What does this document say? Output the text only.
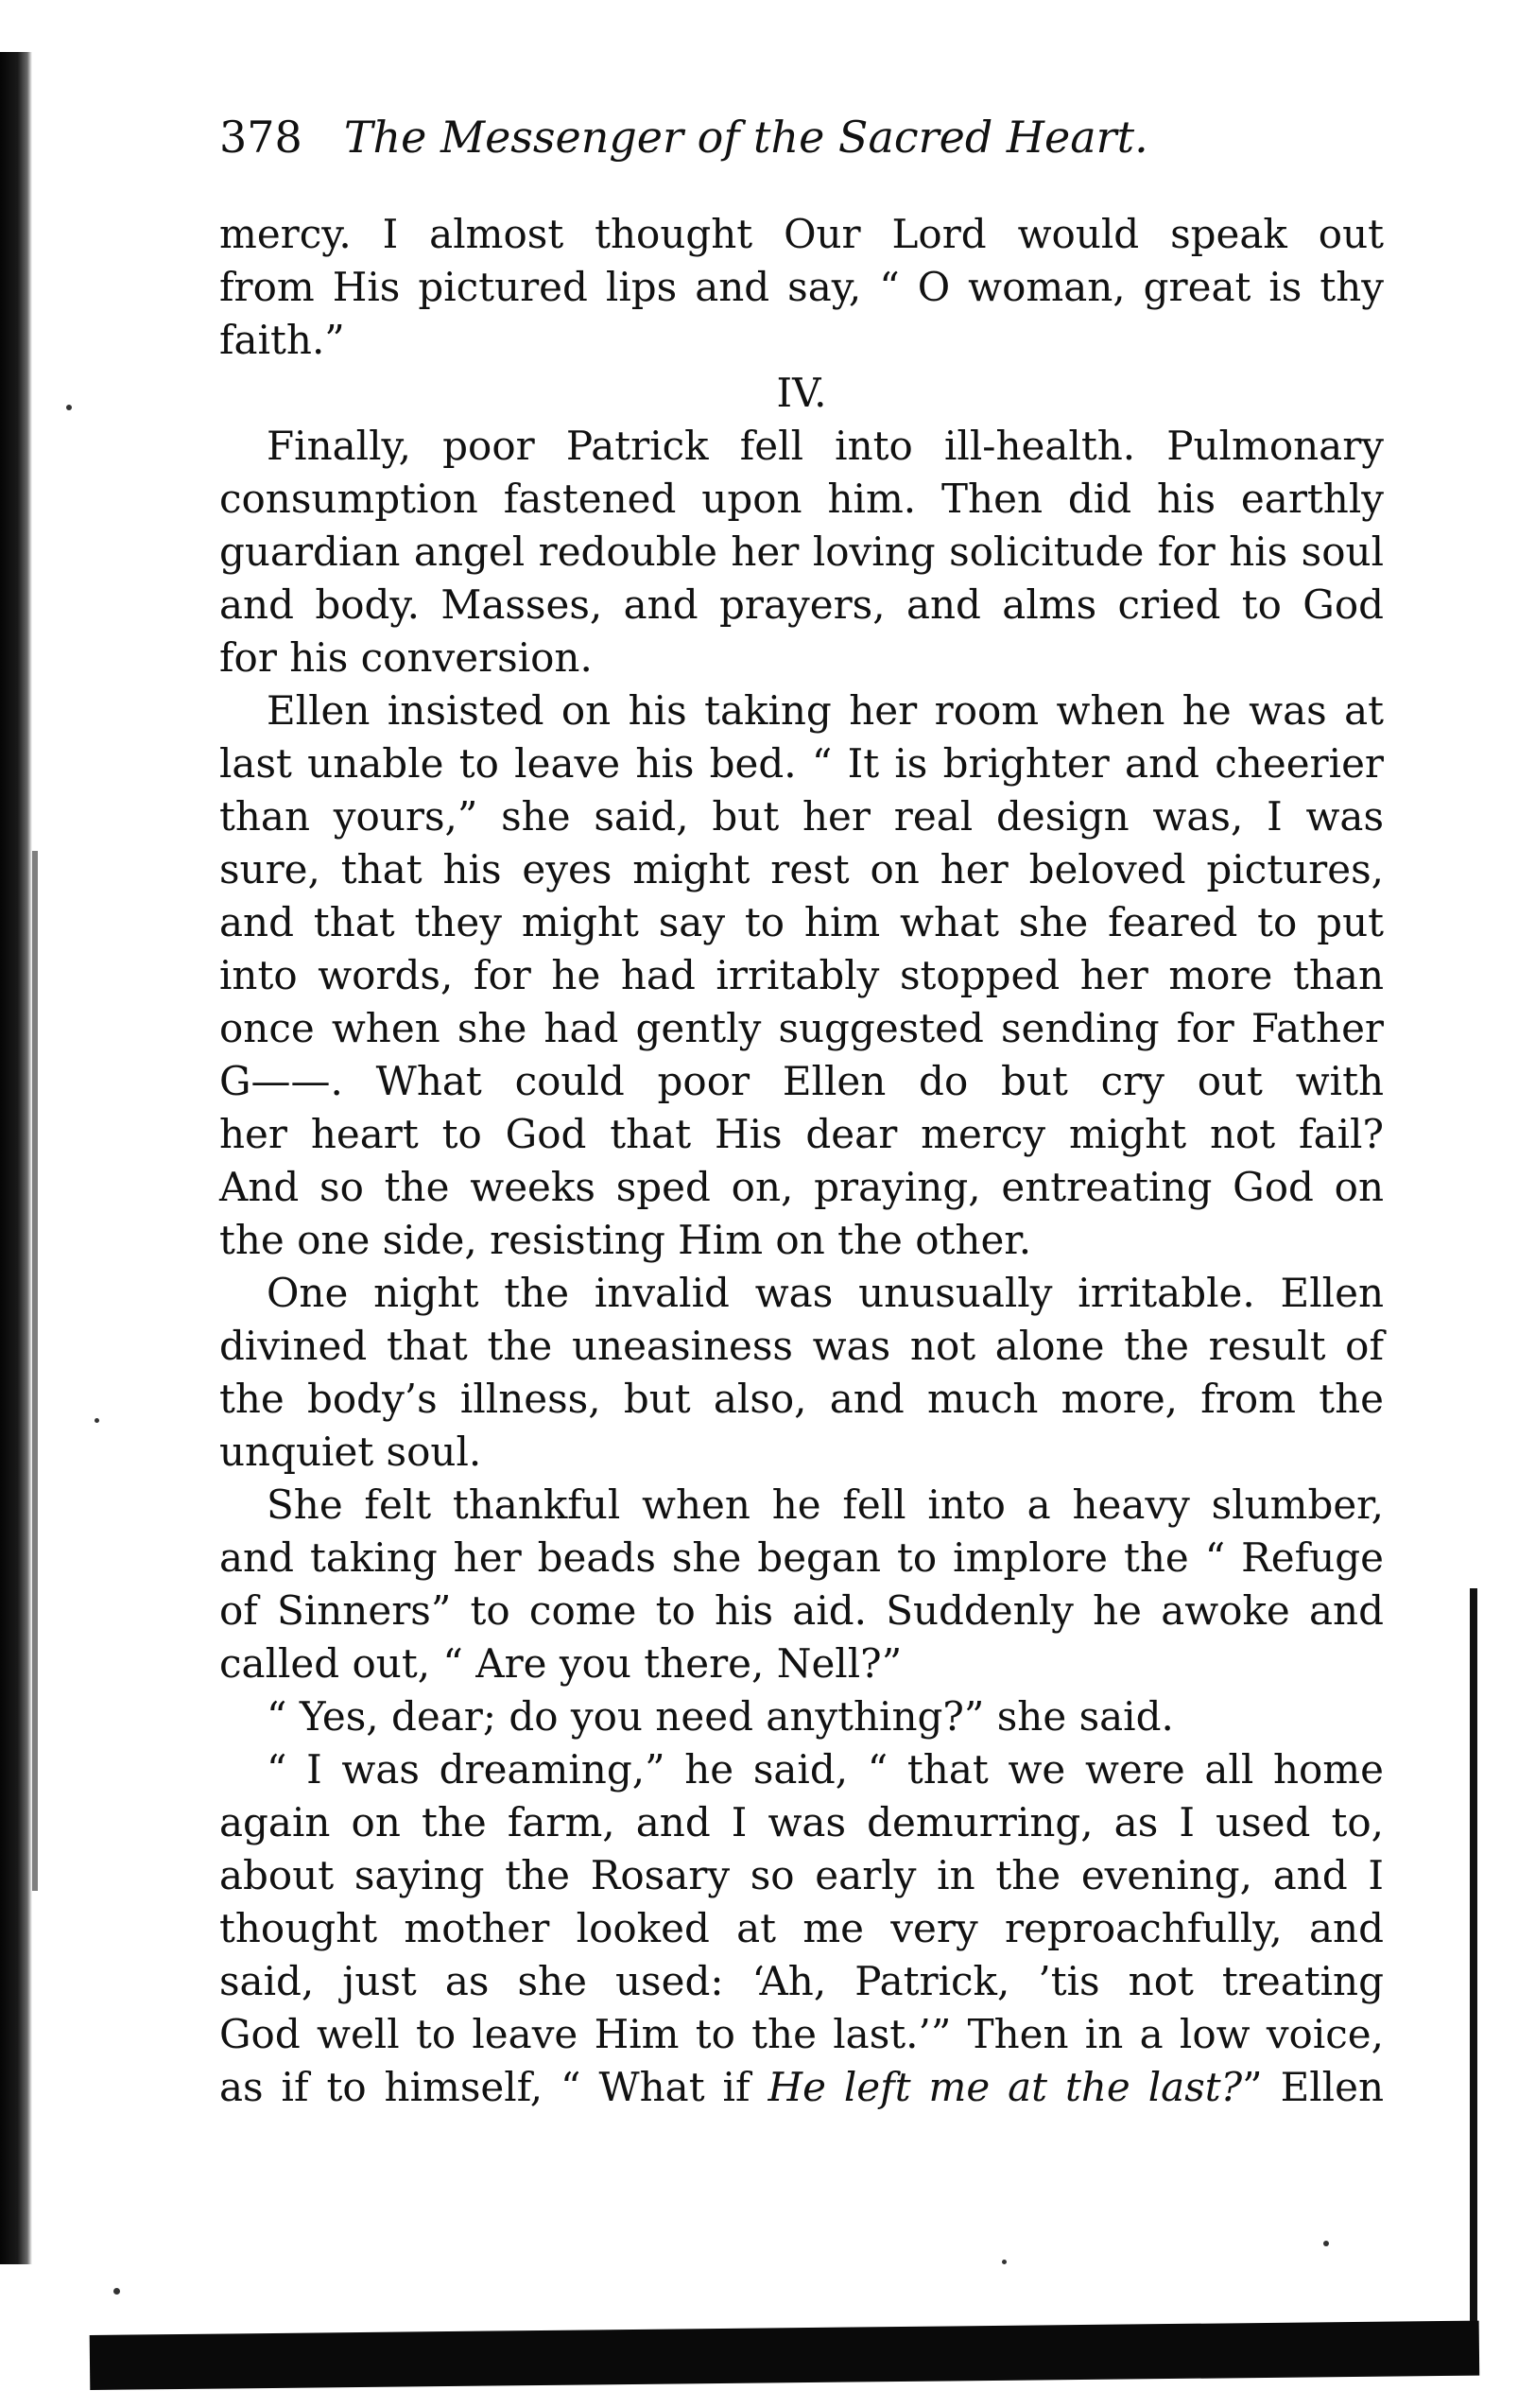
378 The Messenger of the Sacred Heart.
mercy. I almost thought Our Lord would speak out
from His pictured lips and say, “ O woman, great is thy
faith.”
IV.
Finally, poor Patrick fell into ill-health. Pulmonary
consumption fastened upon him. Then did his earthly
guardian angel redouble her loving solicitude for his soul
and body. Masses, and prayers, and alms cried to God
for his conversion.
Ellen insisted on his taking her room when he was at
last unable to leave his bed. “ It is brighter and cheerier
than yours,” she said, but her real design was, I was
sure, that his eyes might rest on her beloved pictures,
and that they might say to him what she feared to put
into words, for he had irritably stopped her more than
once when she had gently suggested sending for Father
G——. What could poor Ellen do but cry out with
her heart to God that His dear mercy might not fail?
And so the weeks sped on, praying, entreating God on
the one side, resisting Him on the other.
One night the invalid was unusually irritable. Ellen
divined that the uneasiness was not alone the result of
the body’s illness, but also, and much more, from the
unquiet soul.
She felt thankful when he fell into a heavy slumber,
and taking her beads she began to implore the “ Refuge
of Sinners” to come to his aid. Suddenly he awoke and
called out, “ Are you there, Nell?”
“ Yes, dear; do you need anything?” she said.
“ I was dreaming,” he said, “ that we were all home
again on the farm, and I was demurring, as I used to,
about saying the Rosary so early in the evening, and I
thought mother looked at me very reproachfully, and
said, just as she used: ‘Ah, Patrick, ’tis not treating
God well to leave Him to the last.’” Then in a low voice,
as if to himself, “ What if He left me at the last?” Ellen
